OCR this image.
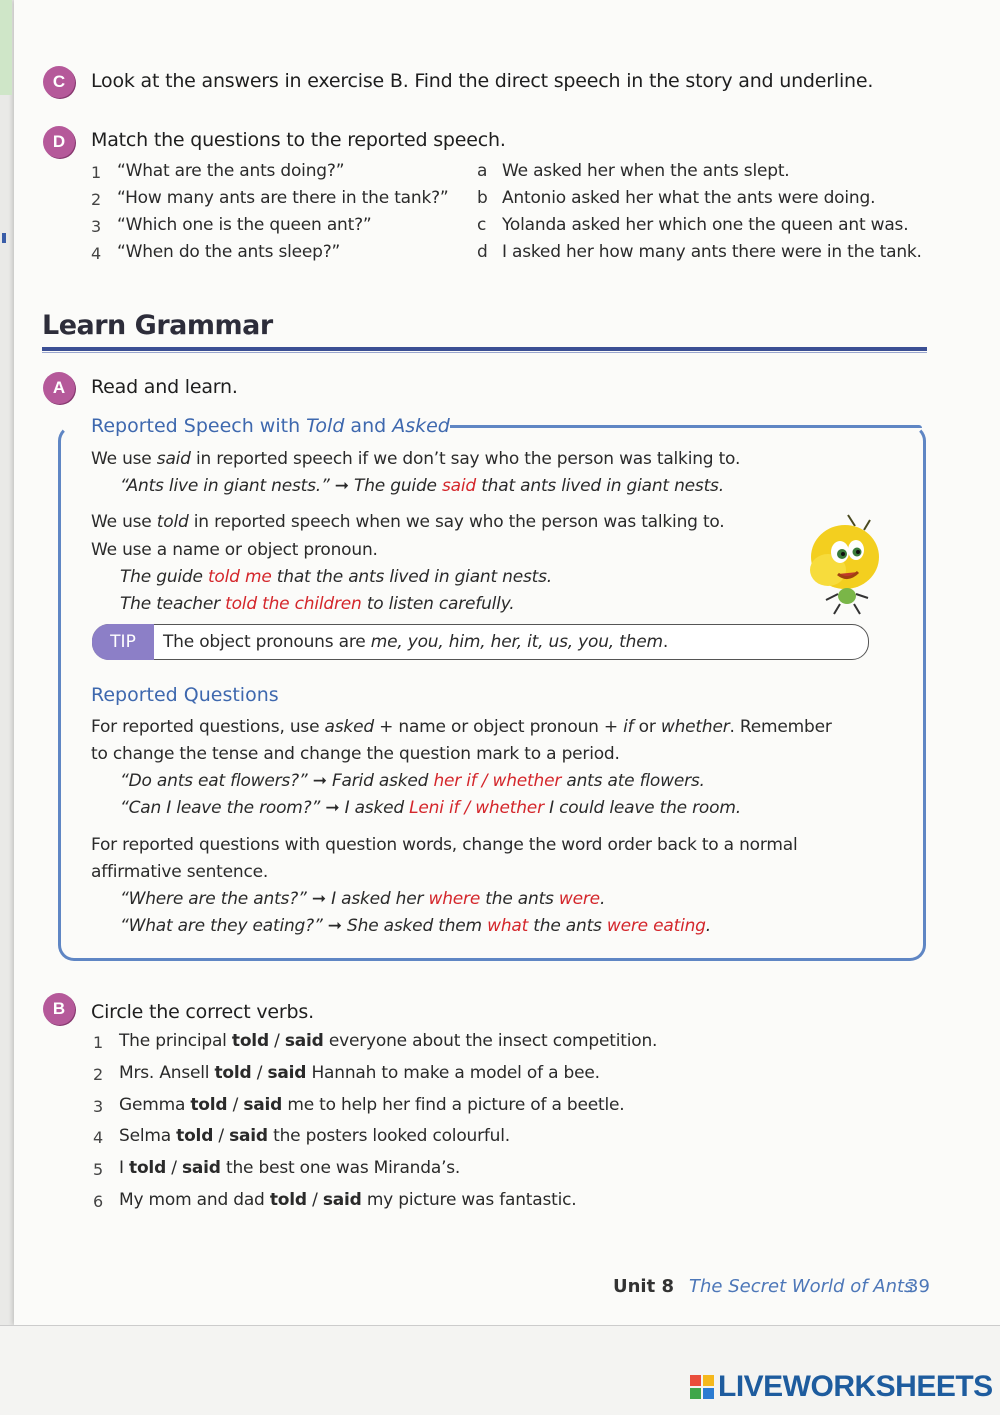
C	Look at the answers in exercise B. Find the direct speech in the story and underline.
D	Match the questions to the reported speech.
1 “What are the ants doing?”
2 “How many ants are there in the tank?”
3 “Which one is the queen ant?”
4 “When do the ants sleep?”
a We asked her when the ants slept.
b Antonio asked her what the ants were doing.
c Yolanda asked her which one the queen ant was.
d I asked her how many ants there were in the tank.
Learn Grammar
A	Read and learn.
Reported Speech with Told and Asked
We use said in reported speech if we don’t say who the person was talking to.
“Ants live in giant nests.” ➞ The guide said that ants lived in giant nests.
We use told in reported speech when we say who the person was talking to.
We use a name or object pronoun.
The guide told me that the ants lived in giant nests.
The teacher told the children to listen carefully.
TIP	The object pronouns are me, you, him, her, it, us, you, them.
Reported Questions
For reported questions, use asked + name or object pronoun + if or whether. Remember
to change the tense and change the question mark to a period.
“Do ants eat flowers?” ➞ Farid asked her if / whether ants ate flowers.
“Can I leave the room?” ➞ I asked Leni if / whether I could leave the room.
For reported questions with question words, change the word order back to a normal
affirmative sentence.
“Where are the ants?” ➞ I asked her where the ants were.
“What are they eating?” ➞ She asked them what the ants were eating.
B	Circle the correct verbs.
1 The principal told / said everyone about the insect competition.
2 Mrs. Ansell told / said Hannah to make a model of a bee.
3 Gemma told / said me to help her find a picture of a beetle.
4 Selma told / said the posters looked colourful.
5 I told / said the best one was Miranda’s.
6 My mom and dad told / said my picture was fantastic.
Unit 8 The Secret World of Ants
39
LIVEWORKSHEETS
